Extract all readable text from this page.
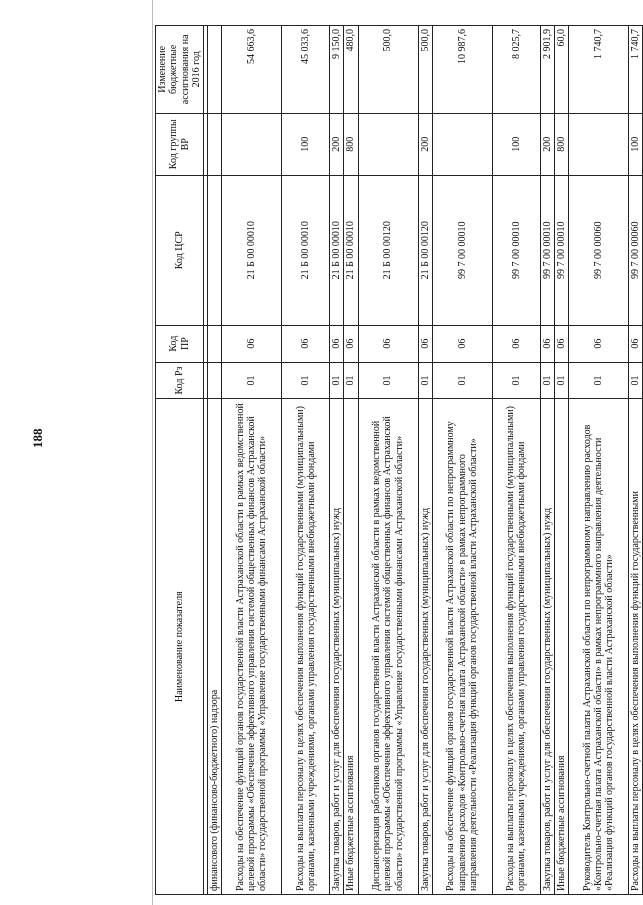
188
Наименование показателя	Код Рз	Код ПР	Код ЦСР	Код группы ВР	Изменение бюджетные ассигнования на 2016 год

финансового (финансово-бюджетного) надзора					
Расходы на обеспечение функций органов государственной власти Астраханской области в рамках ведомственной целевой программы «Обеспечение эффективного управления системой общественных финансов Астраханской области» государственной программы «Управление государственными финансами Астраханской области»	01	06	21 Б 00 00010		54 663,6
Расходы на выплаты персоналу в целях обеспечения выполнения функций государственными (муниципальными) органами, казенными учреждениями, органами управления государственными внебюджетными фондами	01	06	21 Б 00 00010	100	45 033,6
Закупка товаров, работ и услуг для обеспечения государственных (муниципальных) нужд	01	06	21 Б 00 00010	200	9 150,0
Иные бюджетные ассигнования	01	06	21 Б 00 00010	800	480,0
Диспансеризация работников органов государственной власти Астраханской области в рамках ведомственной целевой программы «Обеспечение эффективного управления системой общественных финансов Астраханской области» государственной программы «Управление государственными финансами Астраханской области»	01	06	21 Б 00 00120		500,0
Закупка товаров, работ и услуг для обеспечения государственных (муниципальных) нужд	01	06	21 Б 00 00120	200	500,0
Расходы на обеспечение функций органов государственной власти Астраханской области по непрограммному направлению расходов «Контрольно-счетная палата Астраханской области» в рамках непрограммного направления деятельности «Реализация функций органов государственной власти Астраханской области»	01	06	99 7 00 00010		10 987,6
Расходы на выплаты персоналу в целях обеспечения выполнения функций государственными (муниципальными) органами, казенными учреждениями, органами управления государственными внебюджетными фондами	01	06	99 7 00 00010	100	8 025,7
Закупка товаров, работ и услуг для обеспечения государственных (муниципальных) нужд	01	06	99 7 00 00010	200	2 901,9
Иные бюджетные ассигнования	01	06	99 7 00 00010	800	60,0
Руководитель Контрольно-счетной палаты Астраханской области по непрограммному направлению расходов «Контрольно-счетная палата Астраханской области» в рамках непрограммного направления деятельности «Реализация функций органов государственной власти Астраханской области»	01	06	99 7 00 00060		1 740,7
Расходы на выплаты персоналу в целях обеспечения выполнения функций государственными	01	06	99 7 00 00060	100	1 740,7
